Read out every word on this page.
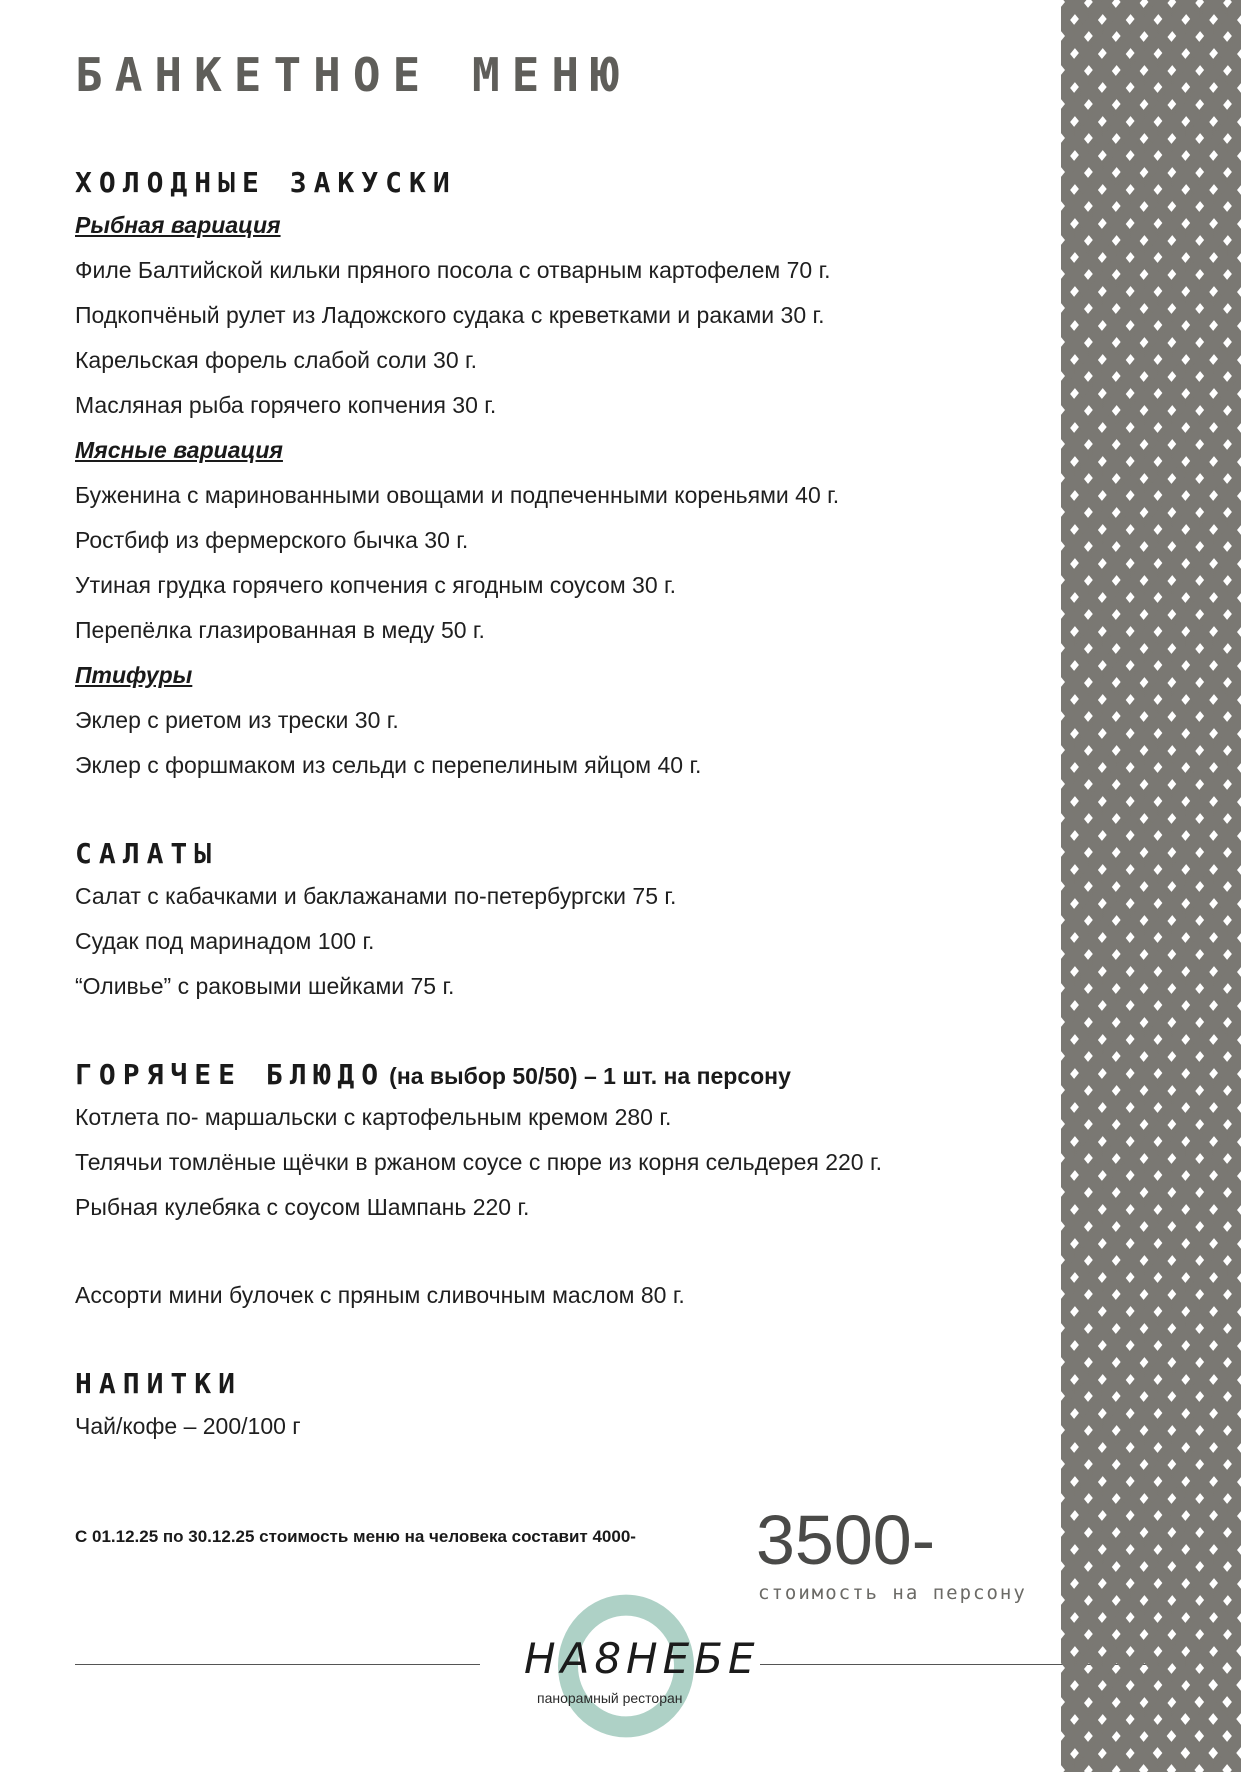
БАНКЕТНОЕ МЕНЮ
ХОЛОДНЫЕ ЗАКУСКИ
Рыбная вариация
Филе Балтийской кильки пряного посола с отварным картофелем 70 г.
Подкопчёный рулет из Ладожского судака с креветками и раками 30 г.
Карельская форель слабой соли 30 г.
Масляная рыба горячего копчения 30 г.
Мясные вариация
Буженина с маринованными овощами и подпеченными кореньями 40 г.
Ростбиф из фермерского бычка 30 г.
Утиная грудка горячего копчения с ягодным соусом 30 г.
Перепёлка глазированная в меду 50 г.
Птифуры
Эклер с риетом из трески 30 г.
Эклер с форшмаком из сельди с перепелиным яйцом 40 г.
САЛАТЫ
Салат с кабачками и баклажанами по-петербургски 75 г.
Судак под маринадом 100 г.
“Оливье” с раковыми шейками 75 г.
ГОРЯЧЕЕ БЛЮДО (на выбор 50/50) – 1 шт. на персону
Котлета по- маршальски с картофельным кремом 280 г.
Телячьи томлёные щёчки в ржаном соусе с пюре из корня сельдерея 220 г.
Рыбная кулебяка с соусом Шампань 220 г.
Ассорти мини булочек с пряным сливочным маслом 80 г.
НАПИТКИ
Чай/кофе – 200/100 г
С 01.12.25 по 30.12.25 стоимость меню на человека составит 4000- 3500-
стоимость на персону
НА8НЕБЕ
панорамный ресторан
